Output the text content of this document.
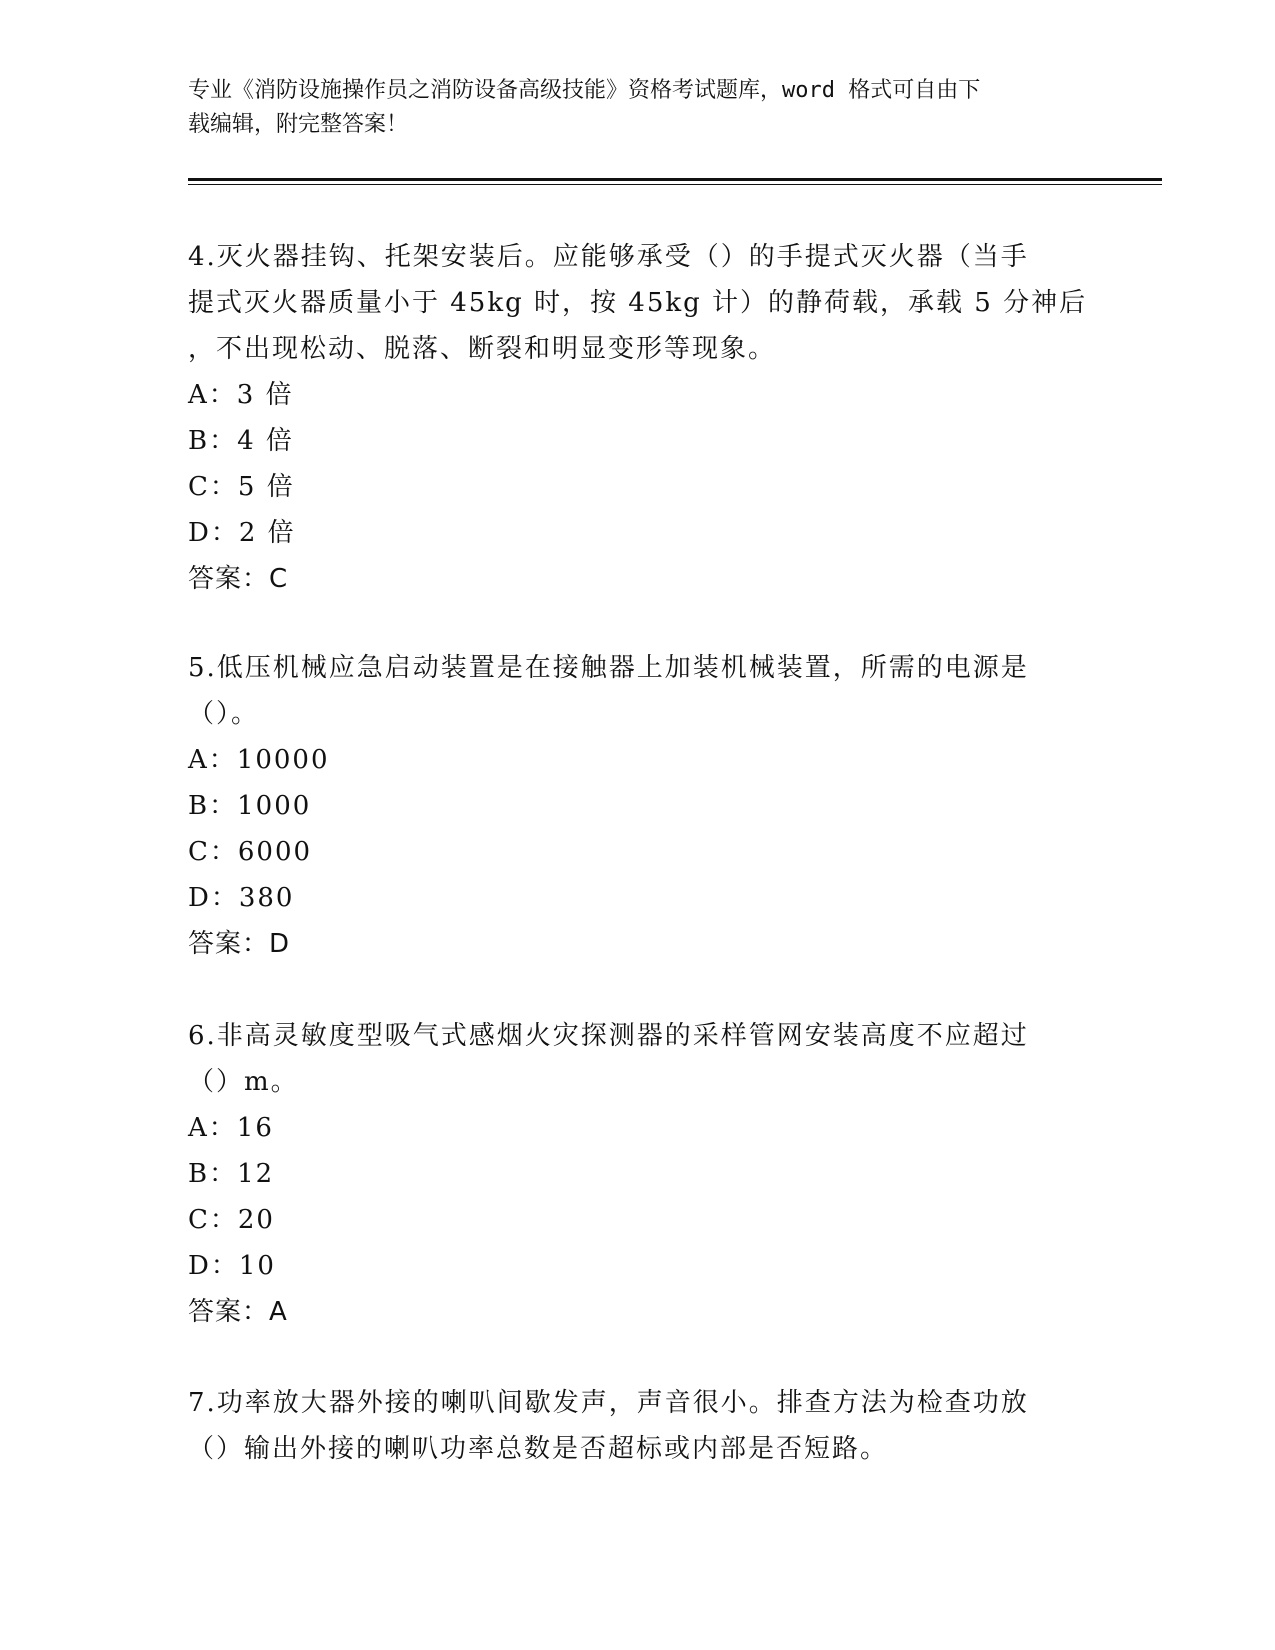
专业《消防设施操作员之消防设备高级技能》资格考试题库，word 格式可自由下
载编辑，附完整答案！
4.灭火器挂钩、托架安装后。应能够承受（）的手提式灭火器（当手
提式灭火器质量小于 45kg 时，按 45kg 计）的静荷载，承载 5 分神后
，不出现松动、脱落、断裂和明显变形等现象。
A：3 倍
B：4 倍
C：5 倍
D：2 倍
答案：C
5.低压机械应急启动装置是在接触器上加装机械装置，所需的电源是
（）。
A：10000
B：1000
C：6000
D：380
答案：D
6.非高灵敏度型吸气式感烟火灾探测器的采样管网安装高度不应超过
（）m。
A：16
B：12
C：20
D：10
答案：A
7.功率放大器外接的喇叭间歇发声，声音很小。排查方法为检查功放
（）输出外接的喇叭功率总数是否超标或内部是否短路。
